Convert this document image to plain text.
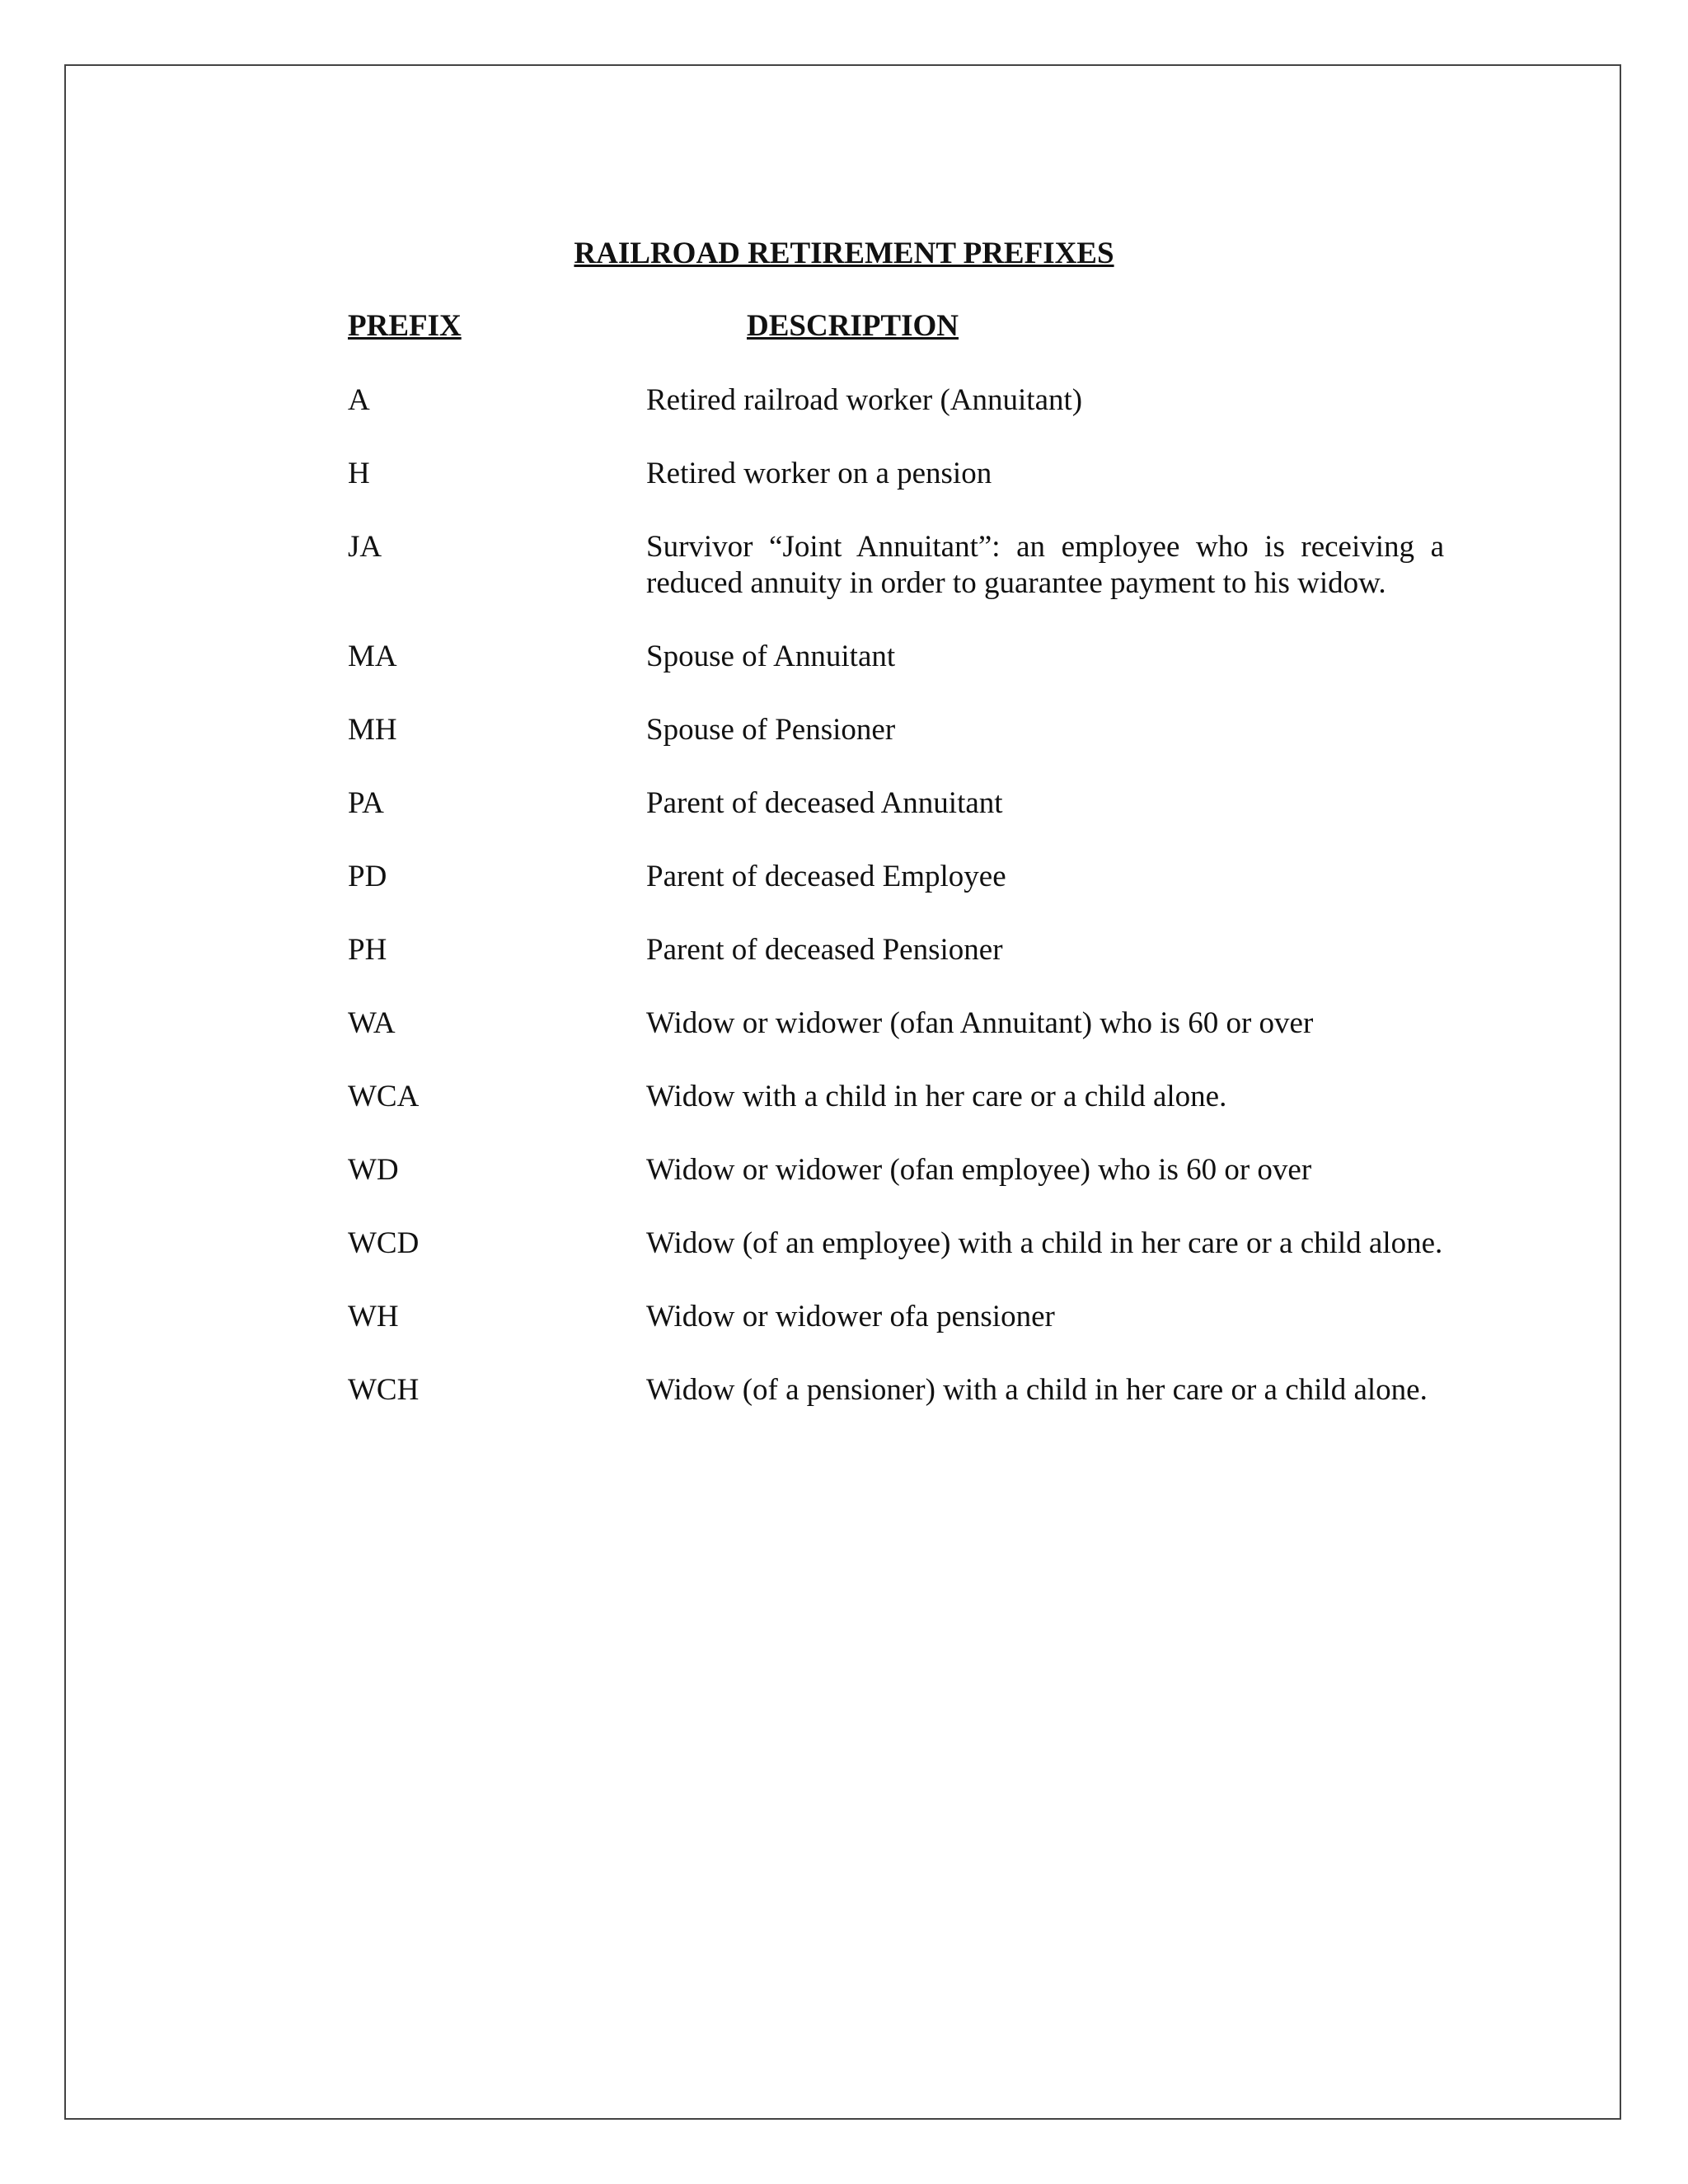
RAILROAD RETIREMENT PREFIXES
PREFIX	DESCRIPTION
A	Retired railroad worker (Annuitant)
H	Retired worker on a pension
JA	Survivor “Joint Annuitant”: an employee who is receiving a reduced annuity in order to guarantee payment to his widow.
MA	Spouse of Annuitant
MH	Spouse of Pensioner
PA	Parent of deceased Annuitant
PD	Parent of deceased Employee
PH	Parent of deceased Pensioner
WA	Widow or widower (ofan Annuitant) who is 60 or over
WCA	Widow with a child in her care or a child alone.
WD	Widow or widower (ofan employee) who is 60 or over
WCD	Widow (of an employee) with a child in her care or a child alone.
WH	Widow or widower ofa pensioner
WCH	Widow (of a pensioner) with a child in her care or a child alone.
